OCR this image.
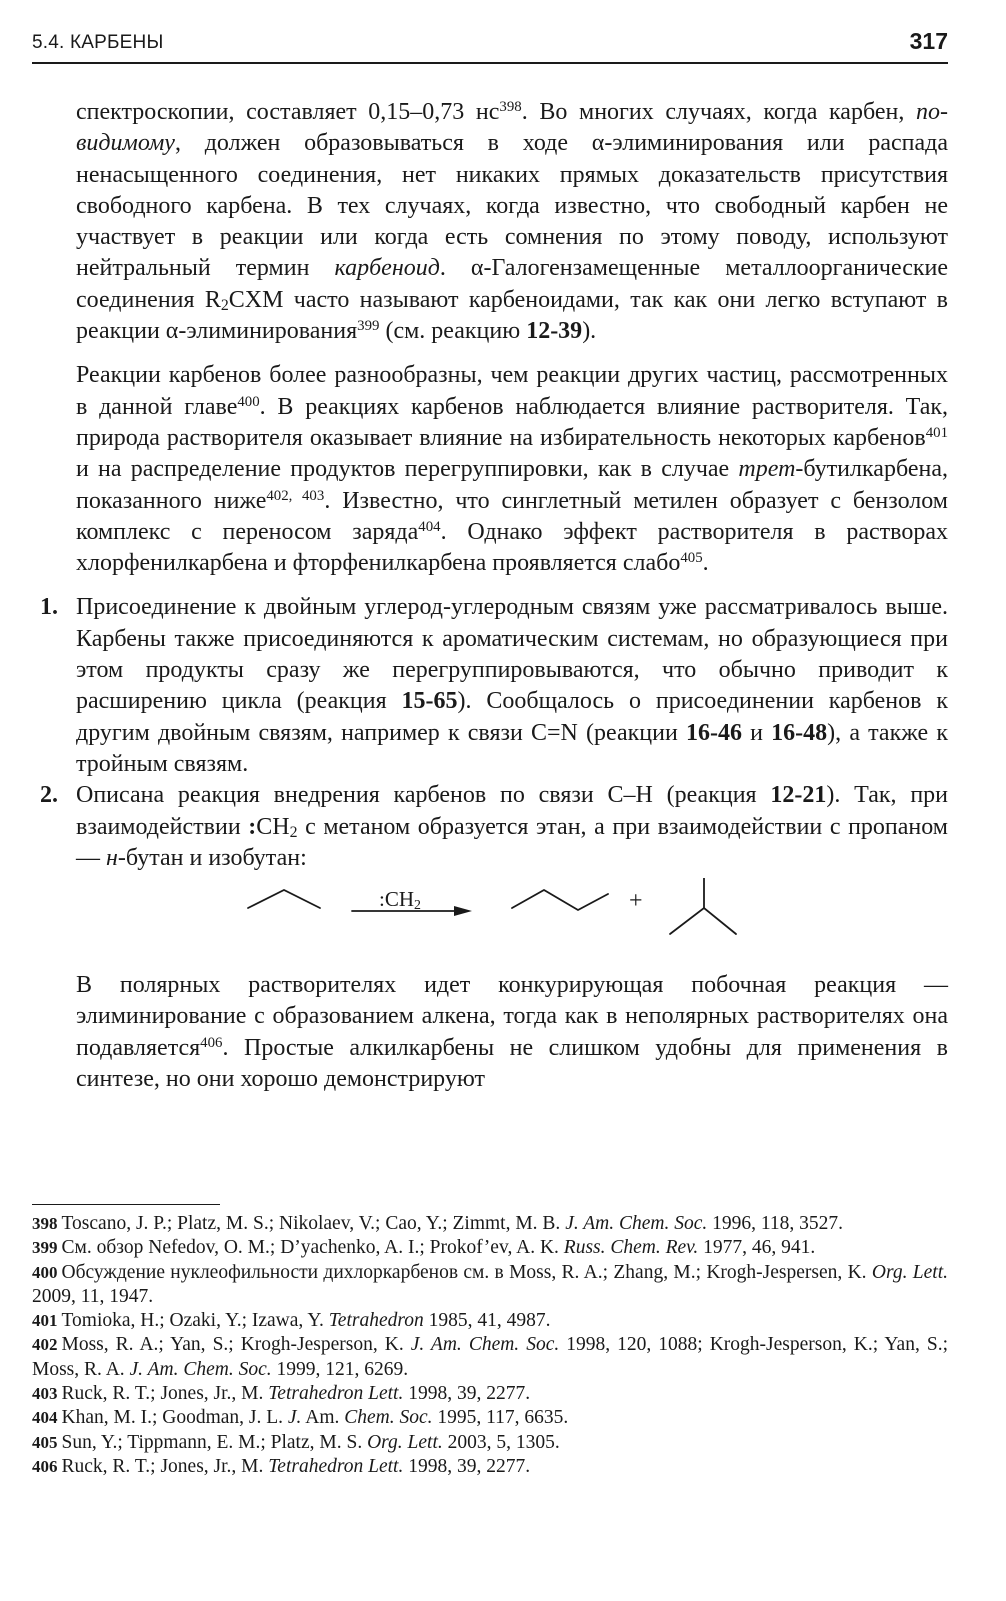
5.4. КАРБЕНЫ	317

спектроскопии, составляет 0,15–0,73 $нс^{398}$. Во многих случаях, когда карбен, по-видимому, должен образовываться в ходе α-элиминирования или распада ненасыщенного соединения, нет никаких прямых доказательств присутствия свободного карбена. В тех случаях, когда известно, что свободный карбен не участвует в реакции или когда есть сомнения по этому поводу, используют нейтральный термин карбеноид. α-Галогензамещенные металлоорганические соединения $R_2CXM$ часто называют карбеноидами, так как они легко вступают в реакции α-элиминирования$^{399}$ (см. реакцию 12-39).

Реакции карбенов более разнообразны, чем реакции других частиц, рассмотренных в данной главе$^{400}$. В реакциях карбенов наблюдается влияние растворителя. Так, природа растворителя оказывает влияние на избирательность некоторых карбенов$^{401}$ и на распределение продуктов перегруппировки, как в случае трет-бутилкарбена, показанного ниже$^{402, 403}$. Известно, что синглетный метилен образует с бензолом комплекс с переносом заряда$^{404}$. Однако эффект растворителя в растворах хлорфенилкарбена и фторфенилкарбена проявляется слабо$^{405}$.

1. Присоединение к двойным углерод-углеродным связям уже рассматривалось выше. Карбены также присоединяются к ароматическим системам, но образующиеся при этом продукты сразу же перегруппировываются, что обычно приводит к расширению цикла (реакция 15-65). Сообщалось о присоединении карбенов к другим двойным связям, например к связи C=N (реакции 16-46 и 16-48), а также к тройным связям.
2. Описана реакция внедрения карбенов по связи C–H (реакция 12-21). Так, при взаимодействии $:CH_2$ с метаном образуется этан, а при взаимодействии с пропаном — н-бутан и изобутан:
$:CH_2$	+

В полярных растворителях идет конкурирующая побочная реакция — элиминирование с образованием алкена, тогда как в неполярных растворителях она подавляется$^{406}$. Простые алкилкарбены не слишком удобны для применения в синтезе, но они хорошо демонстрируют

398 Toscano, J. P.; Platz, M. S.; Nikolaev, V.; Cao, Y.; Zimmt, M. B. J. Am. Chem. Soc. 1996, 118, 3527.

399 См. обзор Nefedov, O. M.; D’yachenko, A. I.; Prokof’ev, A. K. Russ. Chem. Rev. 1977, 46, 941.

400 Обсуждение нуклеофильности дихлоркарбенов см. в Moss, R. A.; Zhang, M.; Krogh-Jespersen, K. Org. Lett. 2009, 11, 1947.

401 Tomioka, H.; Ozaki, Y.; Izawa, Y. Tetrahedron 1985, 41, 4987.

402 Moss, R. A.; Yan, S.; Krogh-Jesperson, K. J. Am. Chem. Soc. 1998, 120, 1088; Krogh-Jesperson, K.; Yan, S.; Moss, R. A. J. Am. Chem. Soc. 1999, 121, 6269.

403 Ruck, R. T.; Jones, Jr., M. Tetrahedron Lett. 1998, 39, 2277.

404 Khan, M. I.; Goodman, J. L. J. Am. Chem. Soc. 1995, 117, 6635.

405 Sun, Y.; Tippmann, E. M.; Platz, M. S. Org. Lett. 2003, 5, 1305.

406 Ruck, R. T.; Jones, Jr., M. Tetrahedron Lett. 1998, 39, 2277.
